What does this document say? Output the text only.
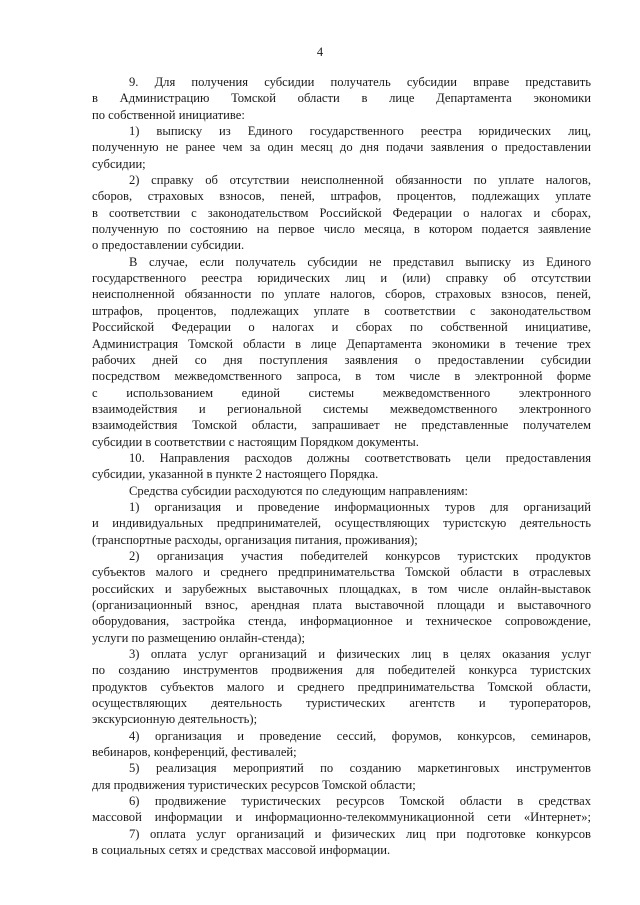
4
9. Для получения субсидии получатель субсидии вправе представить
в Администрацию Томской области в лице Департамента экономики
по собственной инициативе:
1) выписку из Единого государственного реестра юридических лиц,
полученную не ранее чем за один месяц до дня подачи заявления о предоставлении
субсидии;
2) справку об отсутствии неисполненной обязанности по уплате налогов,
сборов, страховых взносов, пеней, штрафов, процентов, подлежащих уплате
в соответствии с законодательством Российской Федерации о налогах и сборах,
полученную по состоянию на первое число месяца, в котором подается заявление
о предоставлении субсидии.
В случае, если получатель субсидии не представил выписку из Единого
государственного реестра юридических лиц и (или) справку об отсутствии
неисполненной обязанности по уплате налогов, сборов, страховых взносов, пеней,
штрафов, процентов, подлежащих уплате в соответствии с законодательством
Российской Федерации о налогах и сборах по собственной инициативе,
Администрация Томской области в лице Департамента экономики в течение трех
рабочих дней со дня поступления заявления о предоставлении субсидии
посредством межведомственного запроса, в том числе в электронной форме
с использованием единой системы межведомственного электронного
взаимодействия и региональной системы межведомственного электронного
взаимодействия Томской области, запрашивает не представленные получателем
субсидии в соответствии с настоящим Порядком документы.
10. Направления расходов должны соответствовать цели предоставления
субсидии, указанной в пункте 2 настоящего Порядка.
Средства субсидии расходуются по следующим направлениям:
1) организация и проведение информационных туров для организаций
и индивидуальных предпринимателей, осуществляющих туристскую деятельность
(транспортные расходы, организация питания, проживания);
2) организация участия победителей конкурсов туристских продуктов
субъектов малого и среднего предпринимательства Томской области в отраслевых
российских и зарубежных выставочных площадках, в том числе онлайн-выставок
(организационный взнос, арендная плата выставочной площади и выставочного
оборудования, застройка стенда, информационное и техническое сопровождение,
услуги по размещению онлайн-стенда);
3) оплата услуг организаций и физических лиц в целях оказания услуг
по созданию инструментов продвижения для победителей конкурса туристских
продуктов субъектов малого и среднего предпринимательства Томской области,
осуществляющих деятельность туристических агентств и туроператоров,
экскурсионную деятельность);
4) организация и проведение сессий, форумов, конкурсов, семинаров,
вебинаров, конференций, фестивалей;
5) реализация мероприятий по созданию маркетинговых инструментов
для продвижения туристических ресурсов Томской области;
6) продвижение туристических ресурсов Томской области в средствах
массовой информации и информационно-телекоммуникационной сети «Интернет»;
7) оплата услуг организаций и физических лиц при подготовке конкурсов
в социальных сетях и средствах массовой информации.
